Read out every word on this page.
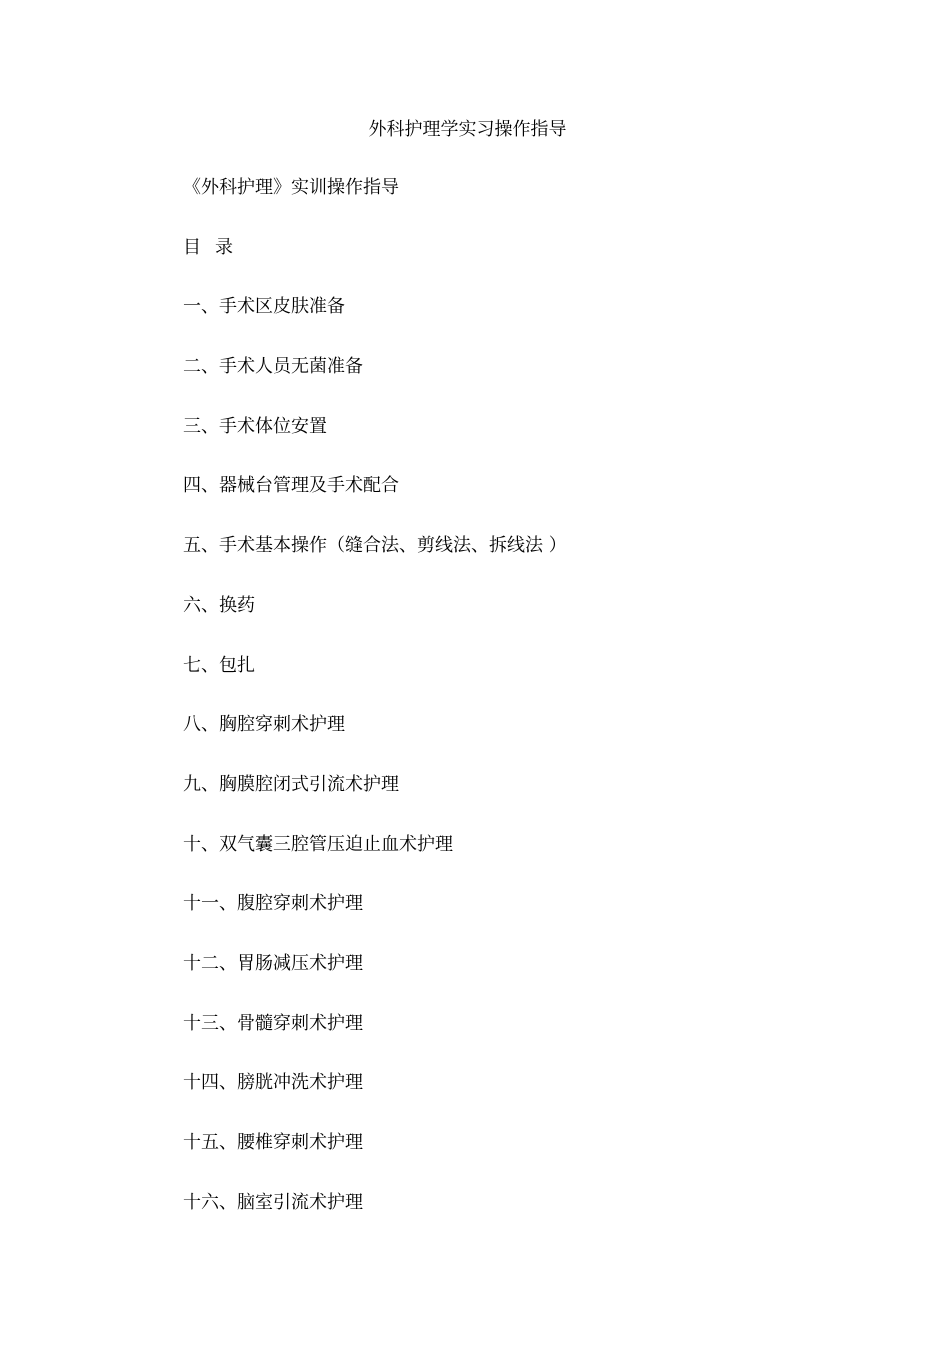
外科护理学实习操作指导
《外科护理》实训操作指导
目 录
一、手术区皮肤准备
二、手术人员无菌准备
三、手术体位安置
四、器械台管理及手术配合
五、手术基本操作（缝合法、剪线法、拆线法 ）
六、换药
七、包扎
八、胸腔穿刺术护理
九、胸膜腔闭式引流术护理
十、双气囊三腔管压迫止血术护理
十一、腹腔穿刺术护理
十二、胃肠减压术护理
十三、骨髓穿刺术护理
十四、膀胱冲洗术护理
十五、腰椎穿刺术护理
十六、脑室引流术护理
